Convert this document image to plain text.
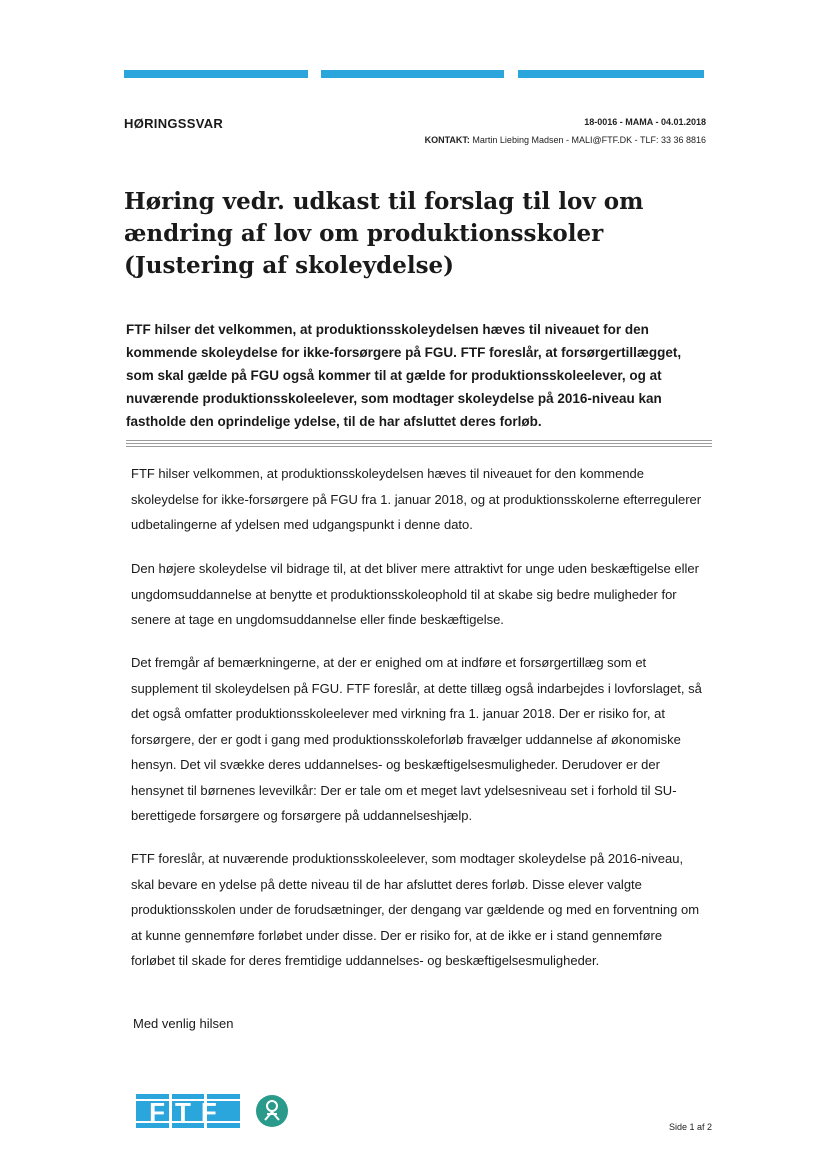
HØRINGSSVAR	18-0016 - MAMA - 04.01.2018
KONTAKT: Martin Liebing Madsen - MALI@FTF.DK - TLF: 33 36 8816
Høring vedr. udkast til forslag til lov om ændring af lov om produktionsskoler (Justering af skoleydelse)
FTF hilser det velkommen, at produktionsskoleydelsen hæves til niveauet for den kommende skoleydelse for ikke-forsørgere på FGU. FTF foreslår, at forsørgertillægget, som skal gælde på FGU også kommer til at gælde for produktionsskoleelever, og at nuværende produktionsskoleelever, som modtager skoleydelse på 2016-niveau kan fastholde den oprindelige ydelse, til de har afsluttet deres forløb.
FTF hilser velkommen, at produktionsskoleydelsen hæves til niveauet for den kommende skoleydelse for ikke-forsørgere på FGU fra 1. januar 2018, og at produktionsskolerne efterregulerer udbetalingerne af ydelsen med udgangspunkt i denne dato.
Den højere skoleydelse vil bidrage til, at det bliver mere attraktivt for unge uden beskæftigelse eller ungdomsuddannelse at benytte et produktionsskoleophold til at skabe sig bedre muligheder for senere at tage en ungdomsuddannelse eller finde beskæftigelse.
Det fremgår af bemærkningerne, at der er enighed om at indføre et forsørgertillæg som et supplement til skoleydelsen på FGU. FTF foreslår, at dette tillæg også indarbejdes i lovforslaget, så det også omfatter produktionsskoleelever med virkning fra 1. januar 2018. Der er risiko for, at forsørgere, der er godt i gang med produktionsskoleforløb fravælger uddannelse af økonomiske hensyn. Det vil svække deres uddannelses- og beskæftigelsesmuligheder. Derudover er der hensynet til børnenes levevilkår: Der er tale om et meget lavt ydelsesniveau set i forhold til SU-berettigede forsørgere og forsørgere på uddannelseshjælp.
FTF foreslår, at nuværende produktionsskoleelever, som modtager skoleydelse på 2016-niveau, skal bevare en ydelse på dette niveau til de har afsluttet deres forløb. Disse elever valgte produktionsskolen under de forudsætninger, der dengang var gældende og med en forventning om at kunne gennemføre forløbet under disse. Der er risiko for, at de ikke er i stand gennemføre forløbet til skade for deres fremtidige uddannelses- og beskæftigelsesmuligheder.
Med venlig hilsen
FTF	Side 1 af 2
